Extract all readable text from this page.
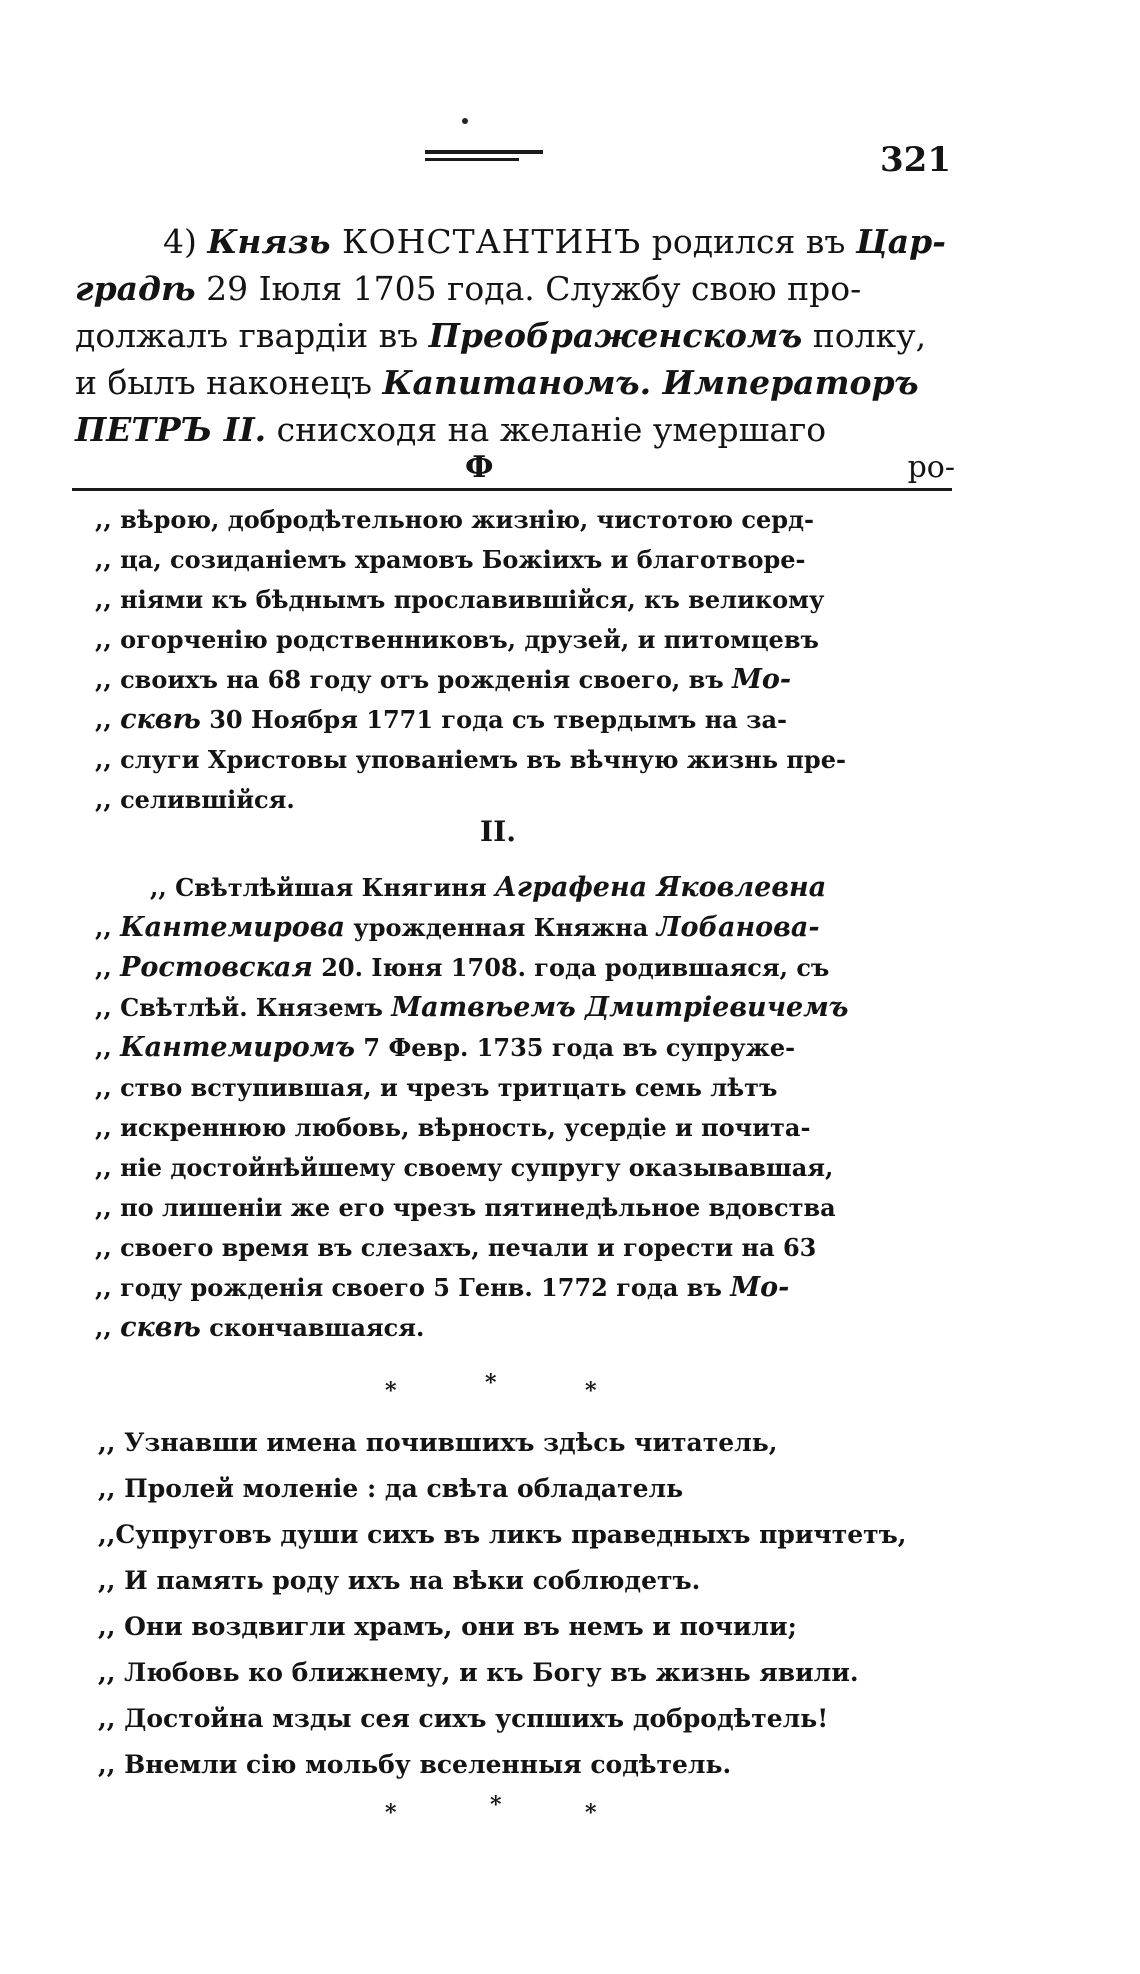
321
4) Князь КОНСТАНТИНЪ родился въ Цар-
градѣ 29 Іюля 1705 года. Службу свою про-
должалъ гвардіи въ Преображенскомъ полку,
и былъ наконецъ Капитаномъ. Императоръ
ПЕТРЪ II. снисходя на желаніе умершаго
Ф	ро-
,, вѣрою, добродѣтельною жизнію, чистотою серд-
,, ца, созиданіемъ храмовъ Божіихъ и благотворе-
,, ніями къ бѣднымъ прославившійся, къ великому
,, огорченію родственниковъ, друзей, и питомцевъ
,, своихъ на 68 году отъ рожденія своего, въ Мо-
,, сквѣ 30 Ноября 1771 года съ твердымъ на за-
,, слуги Христовы упованіемъ въ вѣчную жизнь пре-
,, селившійся.
II.
,, Свѣтлѣйшая Княгиня Аграфена Яковлевна
,, Кантемирова урожденная Княжна Лобанова-
,, Ростовская 20. Іюня 1708. года родившаяся, съ
,, Свѣтлѣй. Княземъ Матвѣемъ Дмитріевичемъ
,, Кантемиромъ 7 Февр. 1735 года въ супруже-
,, ство вступившая, и чрезъ тритцать семь лѣтъ
,, искреннюю любовь, вѣрность, усердіе и почита-
,, ніе достойнѣйшему своему супругу оказывавшая,
,, по лишеніи же его чрезъ пятинедѣльное вдовства
,, своего время въ слезахъ, печали и горести на 63
,, году рожденія своего 5 Генв. 1772 года въ Мо-
,, сквѣ скончавшаяся.
*	*	*
,, Узнавши имена почившихъ здѣсь читатель,
,, Пролей моленіе : да свѣта обладатель
,,Супруговъ души сихъ въ ликъ праведныхъ причтетъ,
,, И память роду ихъ на вѣки соблюдетъ.
,, Они воздвигли храмъ, они въ немъ и почили;
,, Любовь ко ближнему, и къ Богу въ жизнь явили.
,, Достойна мзды сея сихъ успшихъ добродѣтель!
,, Внемли сію мольбу вселенныя содѣтель.
*	*	*
